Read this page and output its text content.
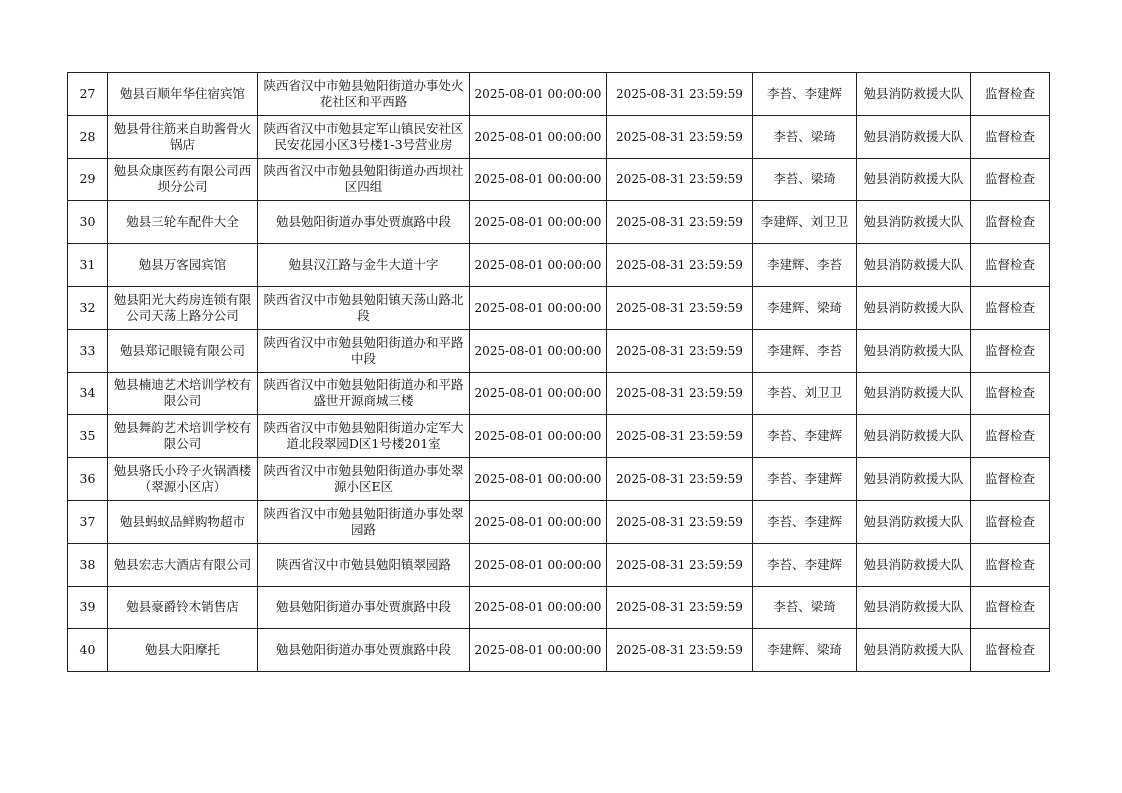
27	勉县百顺年华住宿宾馆	陕西省汉中市勉县勉阳街道办事处火花社区和平西路	2025-08-01 00:00:00	2025-08-31 23:59:59	李苔、李建辉	勉县消防救援大队	监督检查
28	勉县骨往筋来自助酱骨火锅店	陕西省汉中市勉县定军山镇民安社区民安花园小区3号楼1-3号营业房	2025-08-01 00:00:00	2025-08-31 23:59:59	李苔、梁琦	勉县消防救援大队	监督检查
29	勉县众康医药有限公司西坝分公司	陕西省汉中市勉县勉阳街道办西坝社区四组	2025-08-01 00:00:00	2025-08-31 23:59:59	李苔、梁琦	勉县消防救援大队	监督检查
30	勉县三轮车配件大全	勉县勉阳街道办事处贾旗路中段	2025-08-01 00:00:00	2025-08-31 23:59:59	李建辉、刘卫卫	勉县消防救援大队	监督检查
31	勉县万客园宾馆	勉县汉江路与金牛大道十字	2025-08-01 00:00:00	2025-08-31 23:59:59	李建辉、李苔	勉县消防救援大队	监督检查
32	勉县阳光大药房连锁有限公司天荡上路分公司	陕西省汉中市勉县勉阳镇天荡山路北段	2025-08-01 00:00:00	2025-08-31 23:59:59	李建辉、梁琦	勉县消防救援大队	监督检查
33	勉县郑记眼镜有限公司	陕西省汉中市勉县勉阳街道办和平路中段	2025-08-01 00:00:00	2025-08-31 23:59:59	李建辉、李苔	勉县消防救援大队	监督检查
34	勉县楠迪艺术培训学校有限公司	陕西省汉中市勉县勉阳街道办和平路盛世开源商城三楼	2025-08-01 00:00:00	2025-08-31 23:59:59	李苔、刘卫卫	勉县消防救援大队	监督检查
35	勉县舞韵艺术培训学校有限公司	陕西省汉中市勉县勉阳街道办定军大道北段翠园D区1号楼201室	2025-08-01 00:00:00	2025-08-31 23:59:59	李苔、李建辉	勉县消防救援大队	监督检查
36	勉县骆氏小玲子火锅酒楼（翠源小区店）	陕西省汉中市勉县勉阳街道办事处翠源小区E区	2025-08-01 00:00:00	2025-08-31 23:59:59	李苔、李建辉	勉县消防救援大队	监督检查
37	勉县蚂蚁品鲜购物超市	陕西省汉中市勉县勉阳街道办事处翠园路	2025-08-01 00:00:00	2025-08-31 23:59:59	李苔、李建辉	勉县消防救援大队	监督检查
38	勉县宏志大酒店有限公司	陕西省汉中市勉县勉阳镇翠园路	2025-08-01 00:00:00	2025-08-31 23:59:59	李苔、李建辉	勉县消防救援大队	监督检查
39	勉县豪爵铃木销售店	勉县勉阳街道办事处贾旗路中段	2025-08-01 00:00:00	2025-08-31 23:59:59	李苔、梁琦	勉县消防救援大队	监督检查
40	勉县大阳摩托	勉县勉阳街道办事处贾旗路中段	2025-08-01 00:00:00	2025-08-31 23:59:59	李建辉、梁琦	勉县消防救援大队	监督检查
